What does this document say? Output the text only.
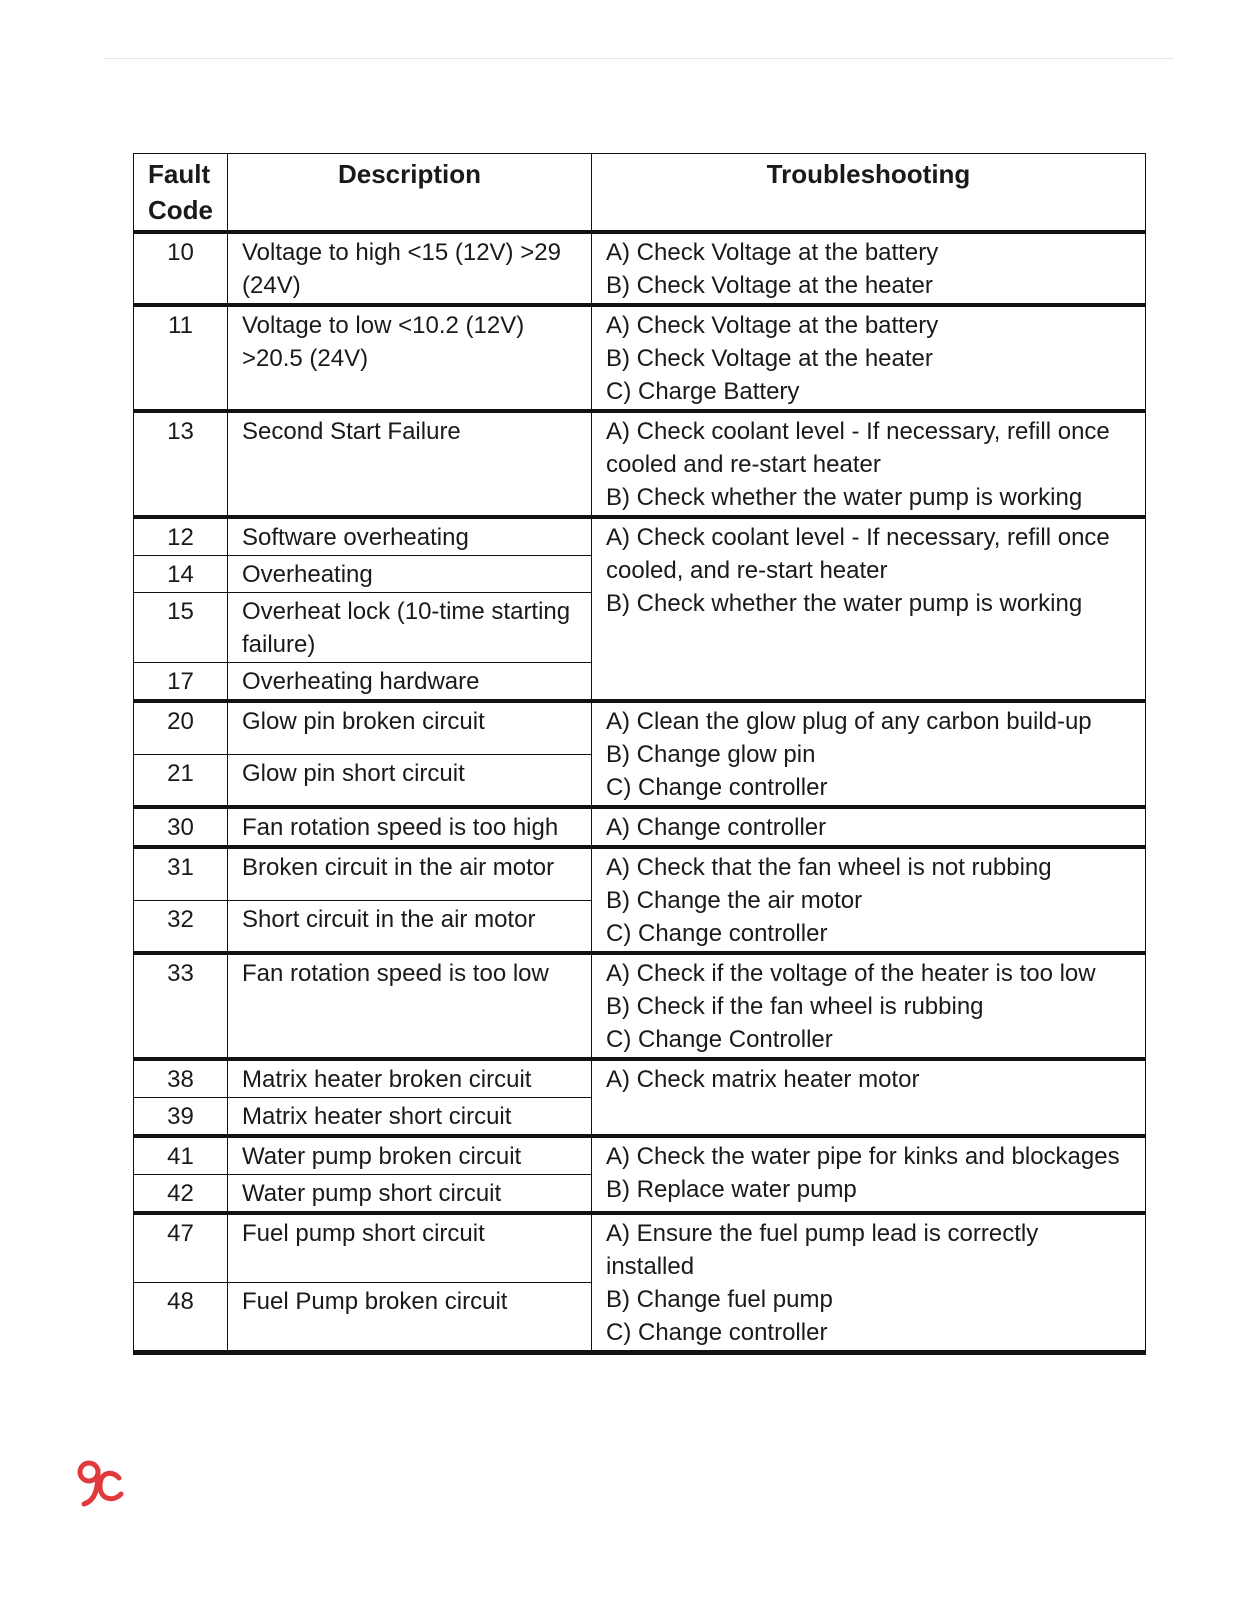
Fault
Code	Description	Troubleshooting
10	Voltage to high <15 (12V) >29 (24V)	A) Check Voltage at the battery
B) Check Voltage at the heater

11	Voltage to low <10.2 (12V) >20.5 (24V)	A) Check Voltage at the battery
B) Check Voltage at the heater
C) Charge Battery

13	Second Start Failure	A) Check coolant level - If necessary, refill once cooled and re-start heater
B) Check whether the water pump is working

12	Software overheating	A) Check coolant level - If necessary, refill once cooled, and re-start heater
B) Check whether the water pump is working

14	Overheating	
15	Overheat lock (10-time starting failure)	
17	Overheating hardware	
20	Glow pin broken circuit	A) Clean the glow plug of any carbon build-up
B) Change glow pin
C) Change controller

21	Glow pin short circuit	
30	Fan rotation speed is too high	A) Change controller

31	Broken circuit in the air motor	A) Check that the fan wheel is not rubbing
B) Change the air motor
C) Change controller

32	Short circuit in the air motor	
33	Fan rotation speed is too low	A) Check if the voltage of the heater is too low
B) Check if the fan wheel is rubbing
C) Change Controller

38	Matrix heater broken circuit	A) Check matrix heater motor

39	Matrix heater short circuit	
41	Water pump broken circuit	A) Check the water pipe for kinks and blockages
B) Replace water pump

42	Water pump short circuit	
47	Fuel pump short circuit	A) Ensure the fuel pump lead is correctly installed
B) Change fuel pump
C) Change controller

48	Fuel Pump broken circuit	
